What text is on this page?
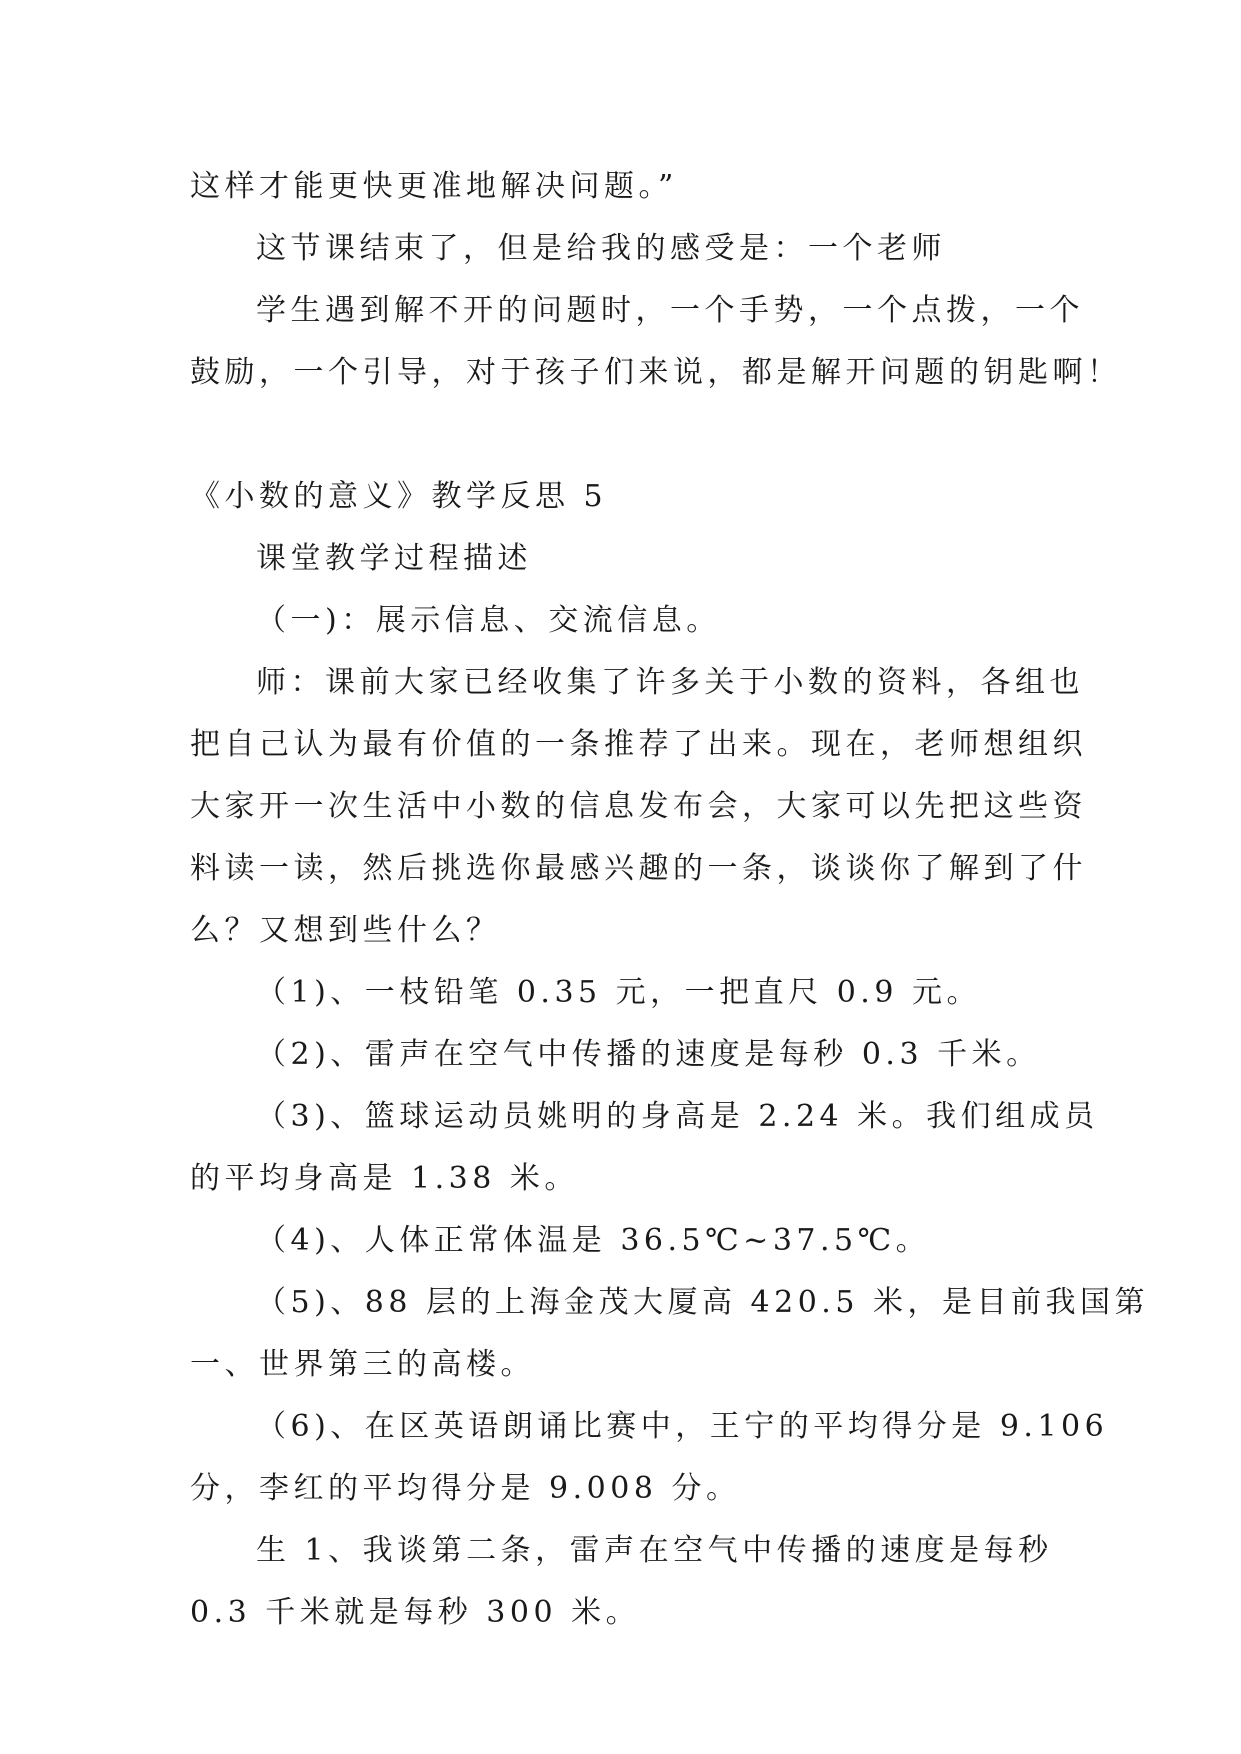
这样才能更快更准地解决问题。”

这节课结束了，但是给我的感受是：一个老师

学生遇到解不开的问题时，一个手势，一个点拨，一个

鼓励，一个引导，对于孩子们来说，都是解开问题的钥匙啊！

《小数的意义》教学反思 5

课堂教学过程描述

（一)：展示信息、交流信息。

师：课前大家已经收集了许多关于小数的资料，各组也

把自己认为最有价值的一条推荐了出来。现在，老师想组织

大家开一次生活中小数的信息发布会，大家可以先把这些资

料读一读，然后挑选你最感兴趣的一条，谈谈你了解到了什

么？又想到些什么？

（1)、一枝铅笔 0.35 元，一把直尺 0.9 元。

（2)、雷声在空气中传播的速度是每秒 0.3 千米。

（3)、篮球运动员姚明的身高是 2.24 米。我们组成员

的平均身高是 1.38 米。

（4)、人体正常体温是 36.5℃~37.5℃。

（5)、88 层的上海金茂大厦高 420.5 米，是目前我国第

一、世界第三的高楼。

（6)、在区英语朗诵比赛中，王宁的平均得分是 9.106

分，李红的平均得分是 9.008 分。

生 1、我谈第二条，雷声在空气中传播的速度是每秒

0.3 千米就是每秒 300 米。
